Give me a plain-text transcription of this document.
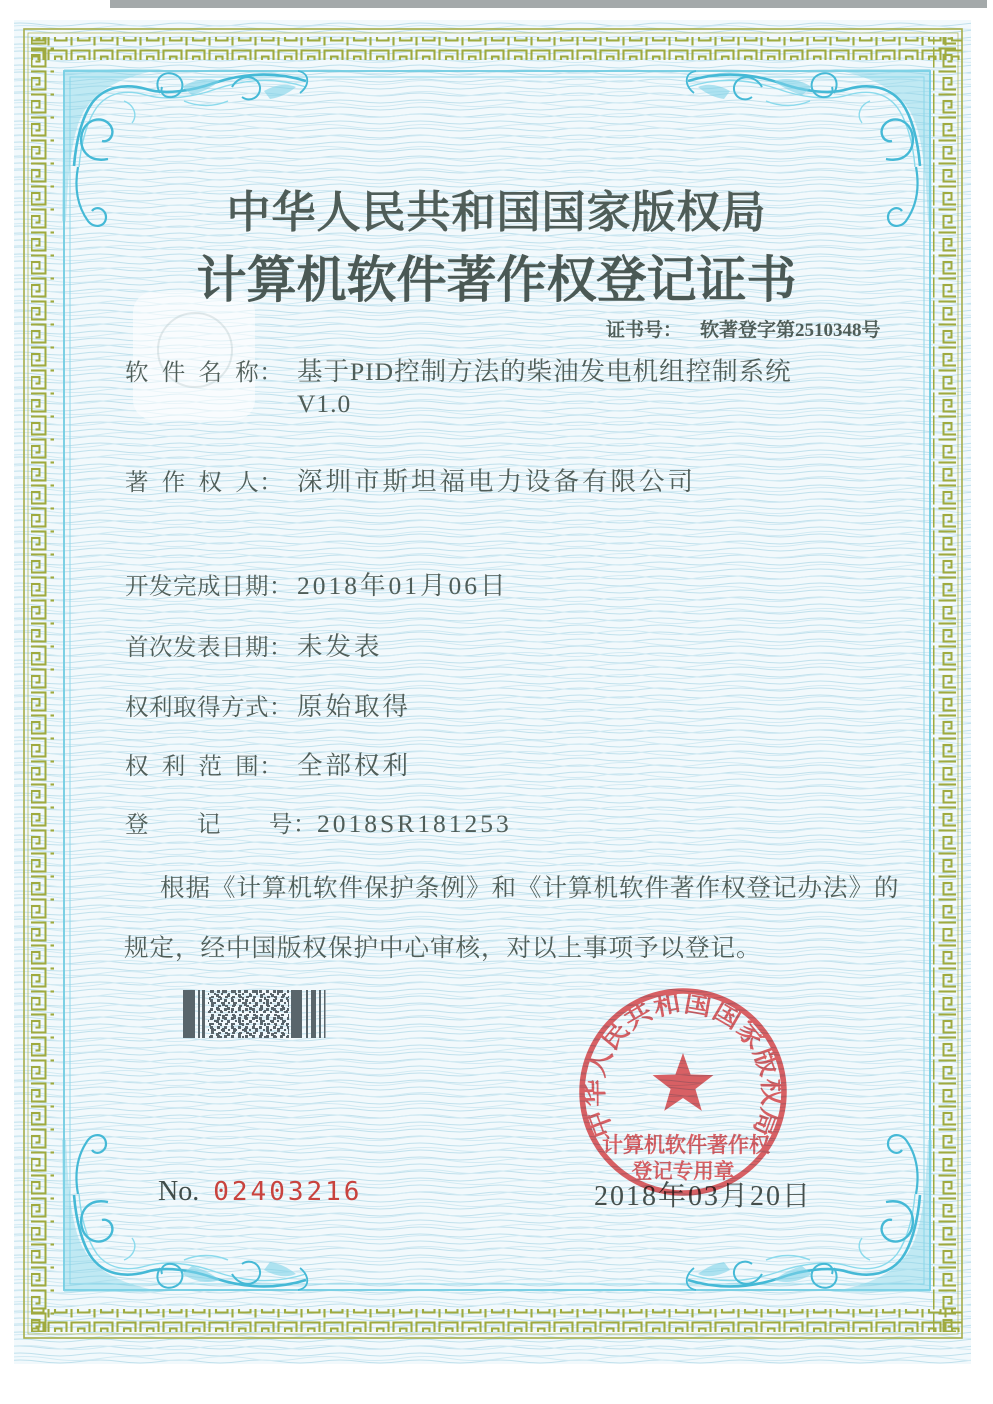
中华人民共和国国家版权局
计算机软件著作权登记证书
证书号： 软著登字第2510348号
软  件  名  称： 基于PID控制方法的柴油发电机组控制系统
V1.0
著  作  权  人： 深圳市斯坦福电力设备有限公司
开发完成日期： 2018年01月06日
首次发表日期： 未发表
权利取得方式： 原始取得
权  利  范  围： 全部权利
登　　记　　号：2018SR181253
根据《计算机软件保护条例》和《计算机软件著作权登记办法》的
规定，经中国版权保护中心审核，对以上事项予以登记。
2018年03月20日
No. 02403216
中华人民共和国国家版权局
计算机软件著作权
登记专用章
